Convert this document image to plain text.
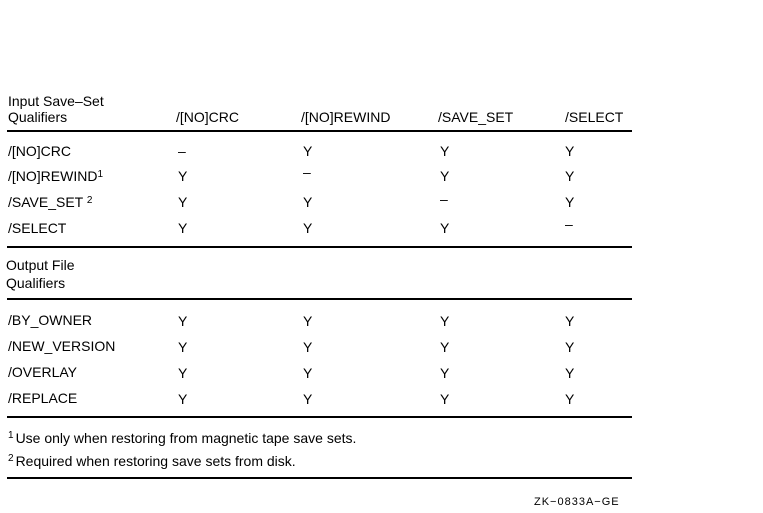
Input Save–Set
Qualifiers	/[NO]CRC	/[NO]REWIND	/SAVE_SET	/SELECT
/[NO]CRC	–	Y	Y	Y
/[NO]REWIND$^1$	Y	–	Y	Y
/SAVE_SET $^2$	Y	Y	–	Y
/SELECT	Y	Y	Y	–
Output File
Qualifiers
/BY_OWNER	Y	Y	Y	Y
/NEW_VERSION	Y	Y	Y	Y
/OVERLAY	Y	Y	Y	Y
/REPLACE	Y	Y	Y	Y
$^1$ Use only when restoring from magnetic tape save sets.
$^2$ Required when restoring save sets from disk.
ZK−0833A−GE
